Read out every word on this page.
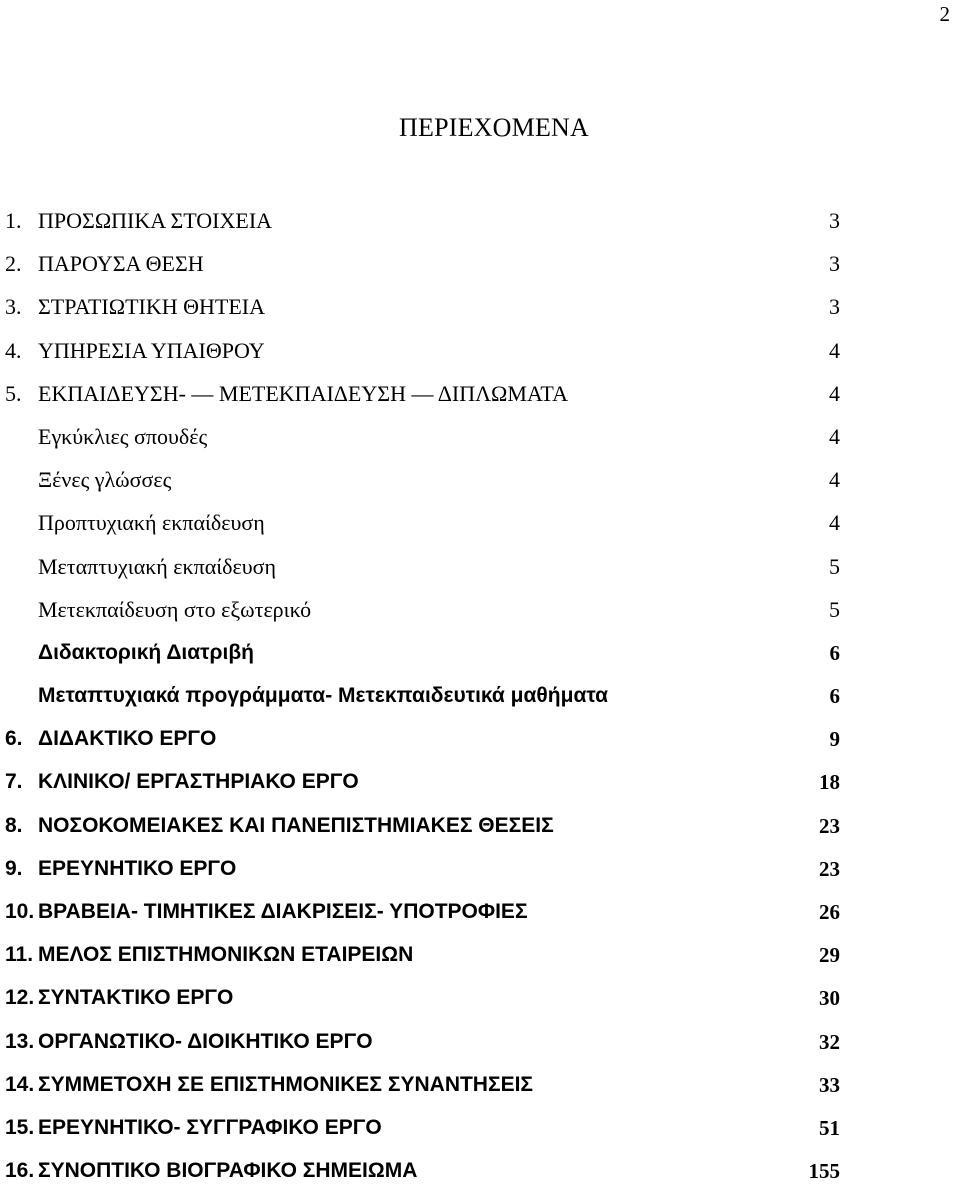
2
ΠΕΡΙΕΧΟΜΕΝΑ
1. ΠΡΟΣΩΠΙΚΑ ΣΤΟΙΧΕΙΑ	3
2. ΠΑΡΟΥΣΑ ΘΕΣΗ	3
3. ΣΤΡΑΤΙΩΤΙΚΗ ΘΗΤΕΙΑ	3
4. ΥΠΗΡΕΣΙΑ ΥΠΑΙΘΡΟΥ	4
5. ΕΚΠΑΙΔΕΥΣΗ- — ΜΕΤΕΚΠΑΙΔΕΥΣΗ — ΔΙΠΛΩΜΑΤΑ	4
Εγκύκλιες σπουδές	4
Ξένες γλώσσες	4
Προπτυχιακή εκπαίδευση	4
Μεταπτυχιακή εκπαίδευση	5
Μετεκπαίδευση στο εξωτερικό	5
Διδακτορική Διατριβή	6
Μεταπτυχιακά προγράμματα- Μετεκπαιδευτικά μαθήματα	6
6. ΔΙΔΑΚΤΙΚΟ ΕΡΓΟ	9
7. ΚΛΙΝΙΚΟ/ ΕΡΓΑΣΤΗΡΙΑΚΟ ΕΡΓΟ	18
8. ΝΟΣΟΚΟΜΕΙΑΚΕΣ ΚΑΙ ΠΑΝΕΠΙΣΤΗΜΙΑΚΕΣ ΘΕΣΕΙΣ	23
9. ΕΡΕΥΝΗΤΙΚΟ ΕΡΓΟ	23
10. ΒΡΑΒΕΙΑ- ΤΙΜΗΤΙΚΕΣ ΔΙΑΚΡΙΣΕΙΣ- ΥΠΟΤΡΟΦΙΕΣ	26
11. ΜΕΛΟΣ ΕΠΙΣΤΗΜΟΝΙΚΩΝ ΕΤΑΙΡΕΙΩΝ	29
12. ΣΥΝΤΑΚΤΙΚΟ ΕΡΓΟ	30
13. ΟΡΓΑΝΩΤΙΚΟ- ΔΙΟΙΚΗΤΙΚΟ ΕΡΓΟ	32
14. ΣΥΜΜΕΤΟΧΗ ΣΕ ΕΠΙΣΤΗΜΟΝΙΚΕΣ ΣΥΝΑΝΤΗΣΕΙΣ	33
15. ΕΡΕΥΝΗΤΙΚΟ- ΣΥΓΓΡΑΦΙΚΟ ΕΡΓΟ	51
16. ΣΥΝΟΠΤΙΚΟ ΒΙΟΓΡΑΦΙΚΟ ΣΗΜΕΙΩΜΑ	155
